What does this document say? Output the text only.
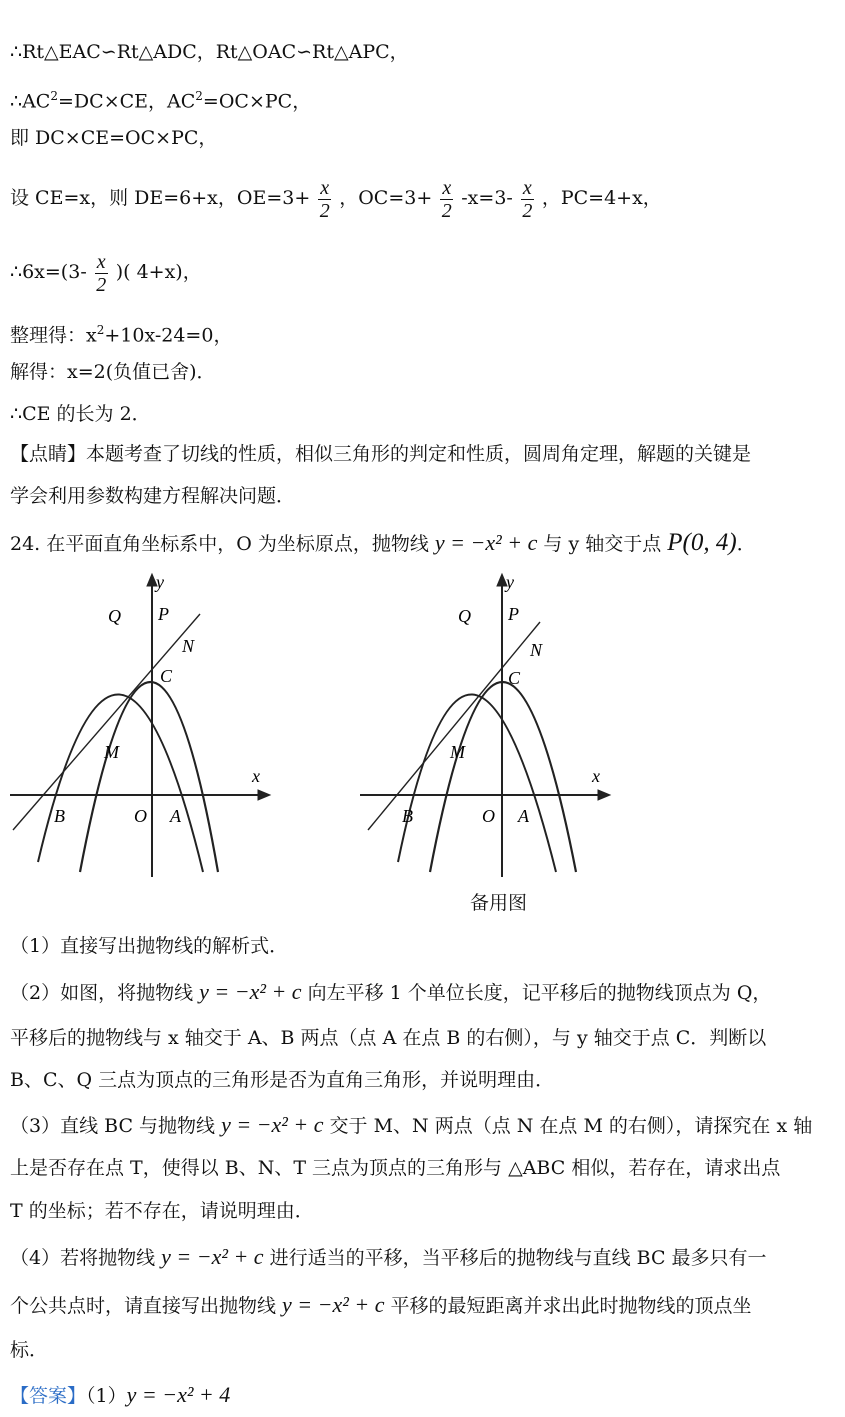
∴Rt△EAC∽Rt△ADC，Rt△OAC∽Rt△APC，
$\therefore AC^2=DC\times CE$，$AC^2=OC\times PC$，
即 DC×CE=OC×PC，
设 CE=x，则 DE=6+x，$OE=3+ \frac{x}{2}$ ，$OC=3+ \frac{x}{2} -x=3- \frac{x}{2}$ ，PC=4+x，
∴6x=(3- $\frac{x}{2}$ )( 4+x)，
整理得：$x^2+10x-24=0$，
解得：x=2(负值已舍)．
∴CE 的长为 2．
【点睛】本题考查了切线的性质，相似三角形的判定和性质，圆周角定理，解题的关键是
学会利用参数构建方程解决问题．
24. 在平面直角坐标系中，O 为坐标原点，抛物线 y = −x² + c 与 y 轴交于点 P(0, 4)．
y
x
Q P
N
C
M
B	O A
y
x
Q P
N
C
M
B	O A
备用图
（1）直接写出抛物线的解析式．
（2）如图，将抛物线 y = −x² + c 向左平移 1 个单位长度，记平移后的抛物线顶点为 Q，
平移后的抛物线与 x 轴交于 A、B 两点（点 A 在点 B 的右侧），与 y 轴交于点 C．判断以
B、C、Q 三点为顶点的三角形是否为直角三角形，并说明理由．
（3）直线 BC 与抛物线 y = −x² + c 交于 M、N 两点（点 N 在点 M 的右侧），请探究在 x 轴
上是否存在点 T，使得以 B、N、T 三点为顶点的三角形与 △ABC 相似，若存在，请求出点
T 的坐标；若不存在，请说明理由．
（4）若将抛物线 y = −x² + c 进行适当的平移，当平移后的抛物线与直线 BC 最多只有一
个公共点时，请直接写出抛物线 y = −x² + c 平移的最短距离并求出此时抛物线的顶点坐
标．
【答案】（1）y = −x² + 4
